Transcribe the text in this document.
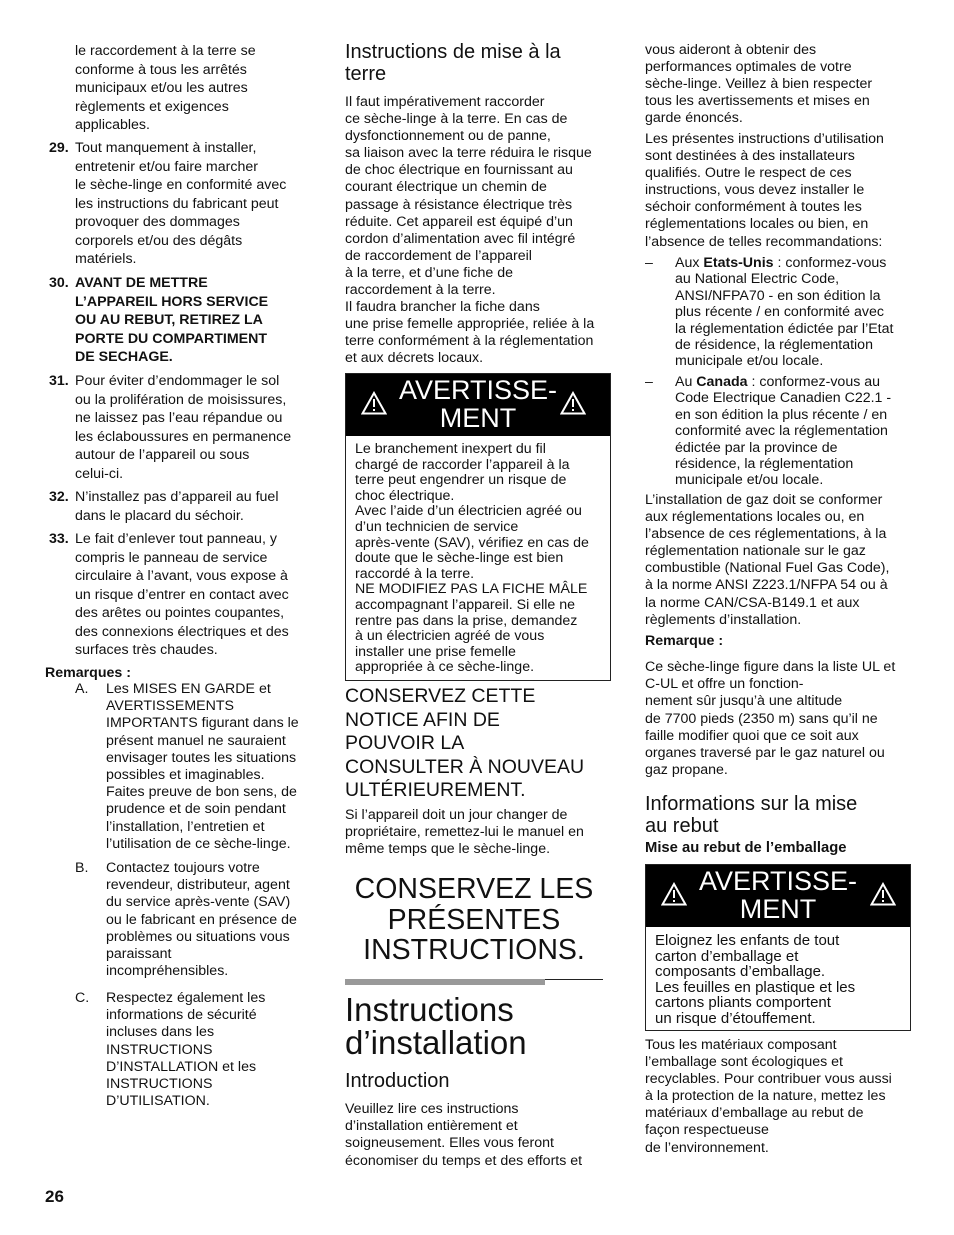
le raccordement à la terre se
conforme à tous les arrêtés
municipaux et/ou les autres
règlements et exigences
applicables.
29. Tout manquement à installer,
entretenir et/ou faire marcher
le sèche-linge en conformité avec
les instructions du fabricant peut
provoquer des dommages
corporels et/ou des dégâts
matériels.
30. AVANT DE METTRE
L’APPAREIL HORS SERVICE
OU AU REBUT, RETIREZ LA
PORTE DU COMPARTIMENT
DE SECHAGE.
31. Pour éviter d’endommager le sol
ou la prolifération de moisissures,
ne laissez pas l’eau répandue ou
les éclaboussures en permanence
autour de l’appareil ou sous
celui-ci.
32. N’installez pas d’appareil au fuel
dans le placard du séchoir.
33. Le fait d’enlever tout panneau, y
compris le panneau de service
circulaire à l’avant, vous expose à
un risque d’entrer en contact avec
des arêtes ou pointes coupantes,
des connexions électriques et des
surfaces très chaudes.
Remarques :
A. Les MISES EN GARDE et
AVERTISSEMENTS
IMPORTANTS figurant dans le
présent manuel ne sauraient
envisager toutes les situations
possibles et imaginables.
Faites preuve de bon sens, de
prudence et de soin pendant
l’installation, l’entretien et
l’utilisation de ce sèche-linge.
B. Contactez toujours votre
revendeur, distributeur, agent
du service après-vente (SAV)
ou le fabricant en présence de
problèmes ou situations vous
paraissant
incompréhensibles.
C. Respectez également les
informations de sécurité
incluses dans les
INSTRUCTIONS
D’INSTALLATION et les
INSTRUCTIONS
D’UTILISATION.
26
Instructions de mise à la terre
Il faut impérativement raccorder
ce sèche-linge à la terre. En cas de
dysfonctionnement ou de panne,
sa liaison avec la terre réduira le risque
de choc électrique en fournissant au
courant électrique un chemin de
passage à résistance électrique très
réduite. Cet appareil est équipé d’un
cordon d’alimentation avec fil intégré
de raccordement de l’appareil
à la terre, et d’une fiche de
raccordement à la terre.
Il faudra brancher la fiche dans
une prise femelle appropriée, reliée à la
terre conformément à la réglementation
et aux décrets locaux.
AVERTISSE-
MENT
Le branchement inexpert du fil
chargé de raccorder l’appareil à la
terre peut engendrer un risque de
choc électrique.
Avec l’aide d’un électricien agréé ou
d’un technicien de service
après-vente (SAV), vérifiez en cas de
doute que le sèche-linge est bien
raccordé à la terre.
NE MODIFIEZ PAS LA FICHE MÂLE
accompagnant l’appareil. Si elle ne
rentre pas dans la prise, demandez
à un électricien agréé de vous
installer une prise femelle
appropriée à ce sèche-linge.
CONSERVEZ CETTE
NOTICE AFIN DE
POUVOIR LA
CONSULTER À NOUVEAU
ULTÉRIEUREMENT.
Si l’appareil doit un jour changer de
propriétaire, remettez-lui le manuel en
même temps que le sèche-linge.
CONSERVEZ LES
PRÉSENTES
INSTRUCTIONS.
Instructions
d’installation
Introduction
Veuillez lire ces instructions
d’installation entièrement et
soigneusement. Elles vous feront
économiser du temps et des efforts et
vous aideront à obtenir des
performances optimales de votre
sèche-linge. Veillez à bien respecter
tous les avertissements et mises en
garde énoncés.
Les présentes instructions d’utilisation
sont destinées à des installateurs
qualifiés. Outre le respect de ces
instructions, vous devez installer le
séchoir conformément à toutes les
réglementations locales ou bien, en
l’absence de telles recommandations:
– Aux Etats-Unis : conformez-vous
au National Electric Code,
ANSI/NFPA70 - en son édition la
plus récente / en conformité avec
la réglementation édictée par l’Etat
de résidence, la réglementation
municipale et/ou locale.
– Au Canada : conformez-vous au
Code Electrique Canadien C22.1 -
en son édition la plus récente / en
conformité avec la réglementation
édictée par la province de
résidence, la réglementation
municipale et/ou locale.
L’installation de gaz doit se conformer
aux réglementations locales ou, en
l’absence de ces réglementations, à la
réglementation nationale sur le gaz
combustible (National Fuel Gas Code),
à la norme ANSI Z223.1/NFPA 54 ou à
la norme CAN/CSA-B149.1 et aux
règlements d’installation.
Remarque :
Ce sèche-linge figure dans la liste UL et
C-UL et offre un fonction-
nement sûr jusqu’à une altitude
de 7700 pieds (2350 m) sans qu’il ne
faille modifier quoi que ce soit aux
organes traversé par le gaz naturel ou
gaz propane.
Informations sur la mise
au rebut
Mise au rebut de l’emballage
AVERTISSE-
MENT
Eloignez les enfants de tout
carton d’emballage et
composants d’emballage.
Les feuilles en plastique et les
cartons pliants comportent
un risque d’étouffement.
Tous les matériaux composant
l’emballage sont écologiques et
recyclables. Pour contribuer vous aussi
à la protection de la nature, mettez les
matériaux d’emballage au rebut de
façon respectueuse
de l’environnement.
